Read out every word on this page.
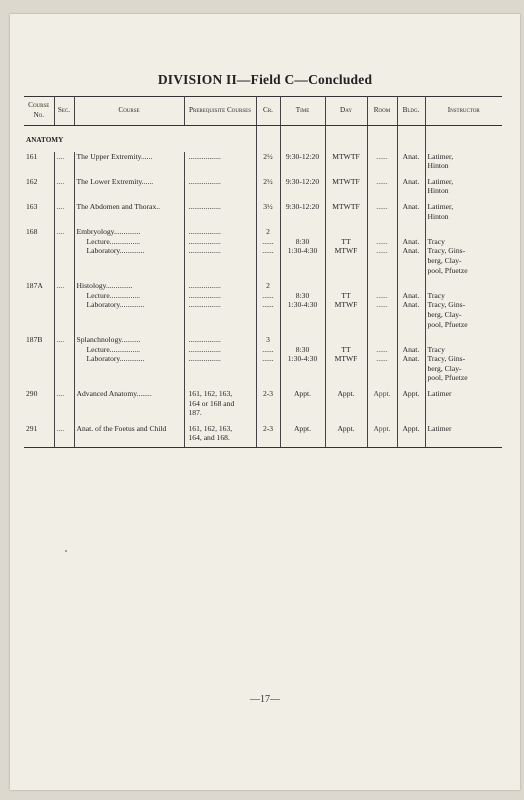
DIVISION II—Field C—Concluded
Course No.	Sec.	Course	Prerequisite Courses	Cr.	Time	Day	Room	Bldg.	Instructor
ANATOMY									
161	....	The Upper Extremity......	.................	2½	9:30-12:20	MTWTF	......	Anat.	Latimer,
									Hinton

162	....	The Lower Extremity......	.................	2½	9:30-12:20	MTWTF	......	Anat.	Latimer,
									Hinton

163	....	The Abdomen and Thorax..	.................	3½	9:30-12:20	MTWTF	......	Anat.	Latimer,
									Hinton

168	....	Embryology..............	.................	2					
		Lecture................	.................	......	8:30	TT	......	Anat.	Tracy
		Laboratory.............	.................	......	1:30-4:30	MTWF	......	Anat.	Tracy, Gins-
									berg, Clay-
									pool, Pfuetze

187A	....	Histology..............	.................	2					
		Lecture................	.................	......	8:30	TT	......	Anat.	Tracy
		Laboratory.............	.................	......	1:30-4:30	MTWF	......	Anat.	Tracy, Gins-
									berg, Clay-
									pool, Pfuetze

187B	....	Splanchnology..........	.................	3					
		Lecture................	.................	......	8:30	TT	......	Anat.	Tracy
		Laboratory.............	.................	......	1:30-4:30	MTWF	......	Anat.	Tracy, Gins-
									berg, Clay-
									pool, Pfuetze

290	....	Advanced Anatomy........	161, 162, 163,	2-3	Appt.	Appt.	Appt.	Appt.	Latimer
			164 or 168 and						
			187.						

291	....	Anat. of the Foetus and Child	161, 162, 163,	2-3	Appt.	Appt.	Appt.	Appt.	Latimer
			164, and 168.						
—17—
